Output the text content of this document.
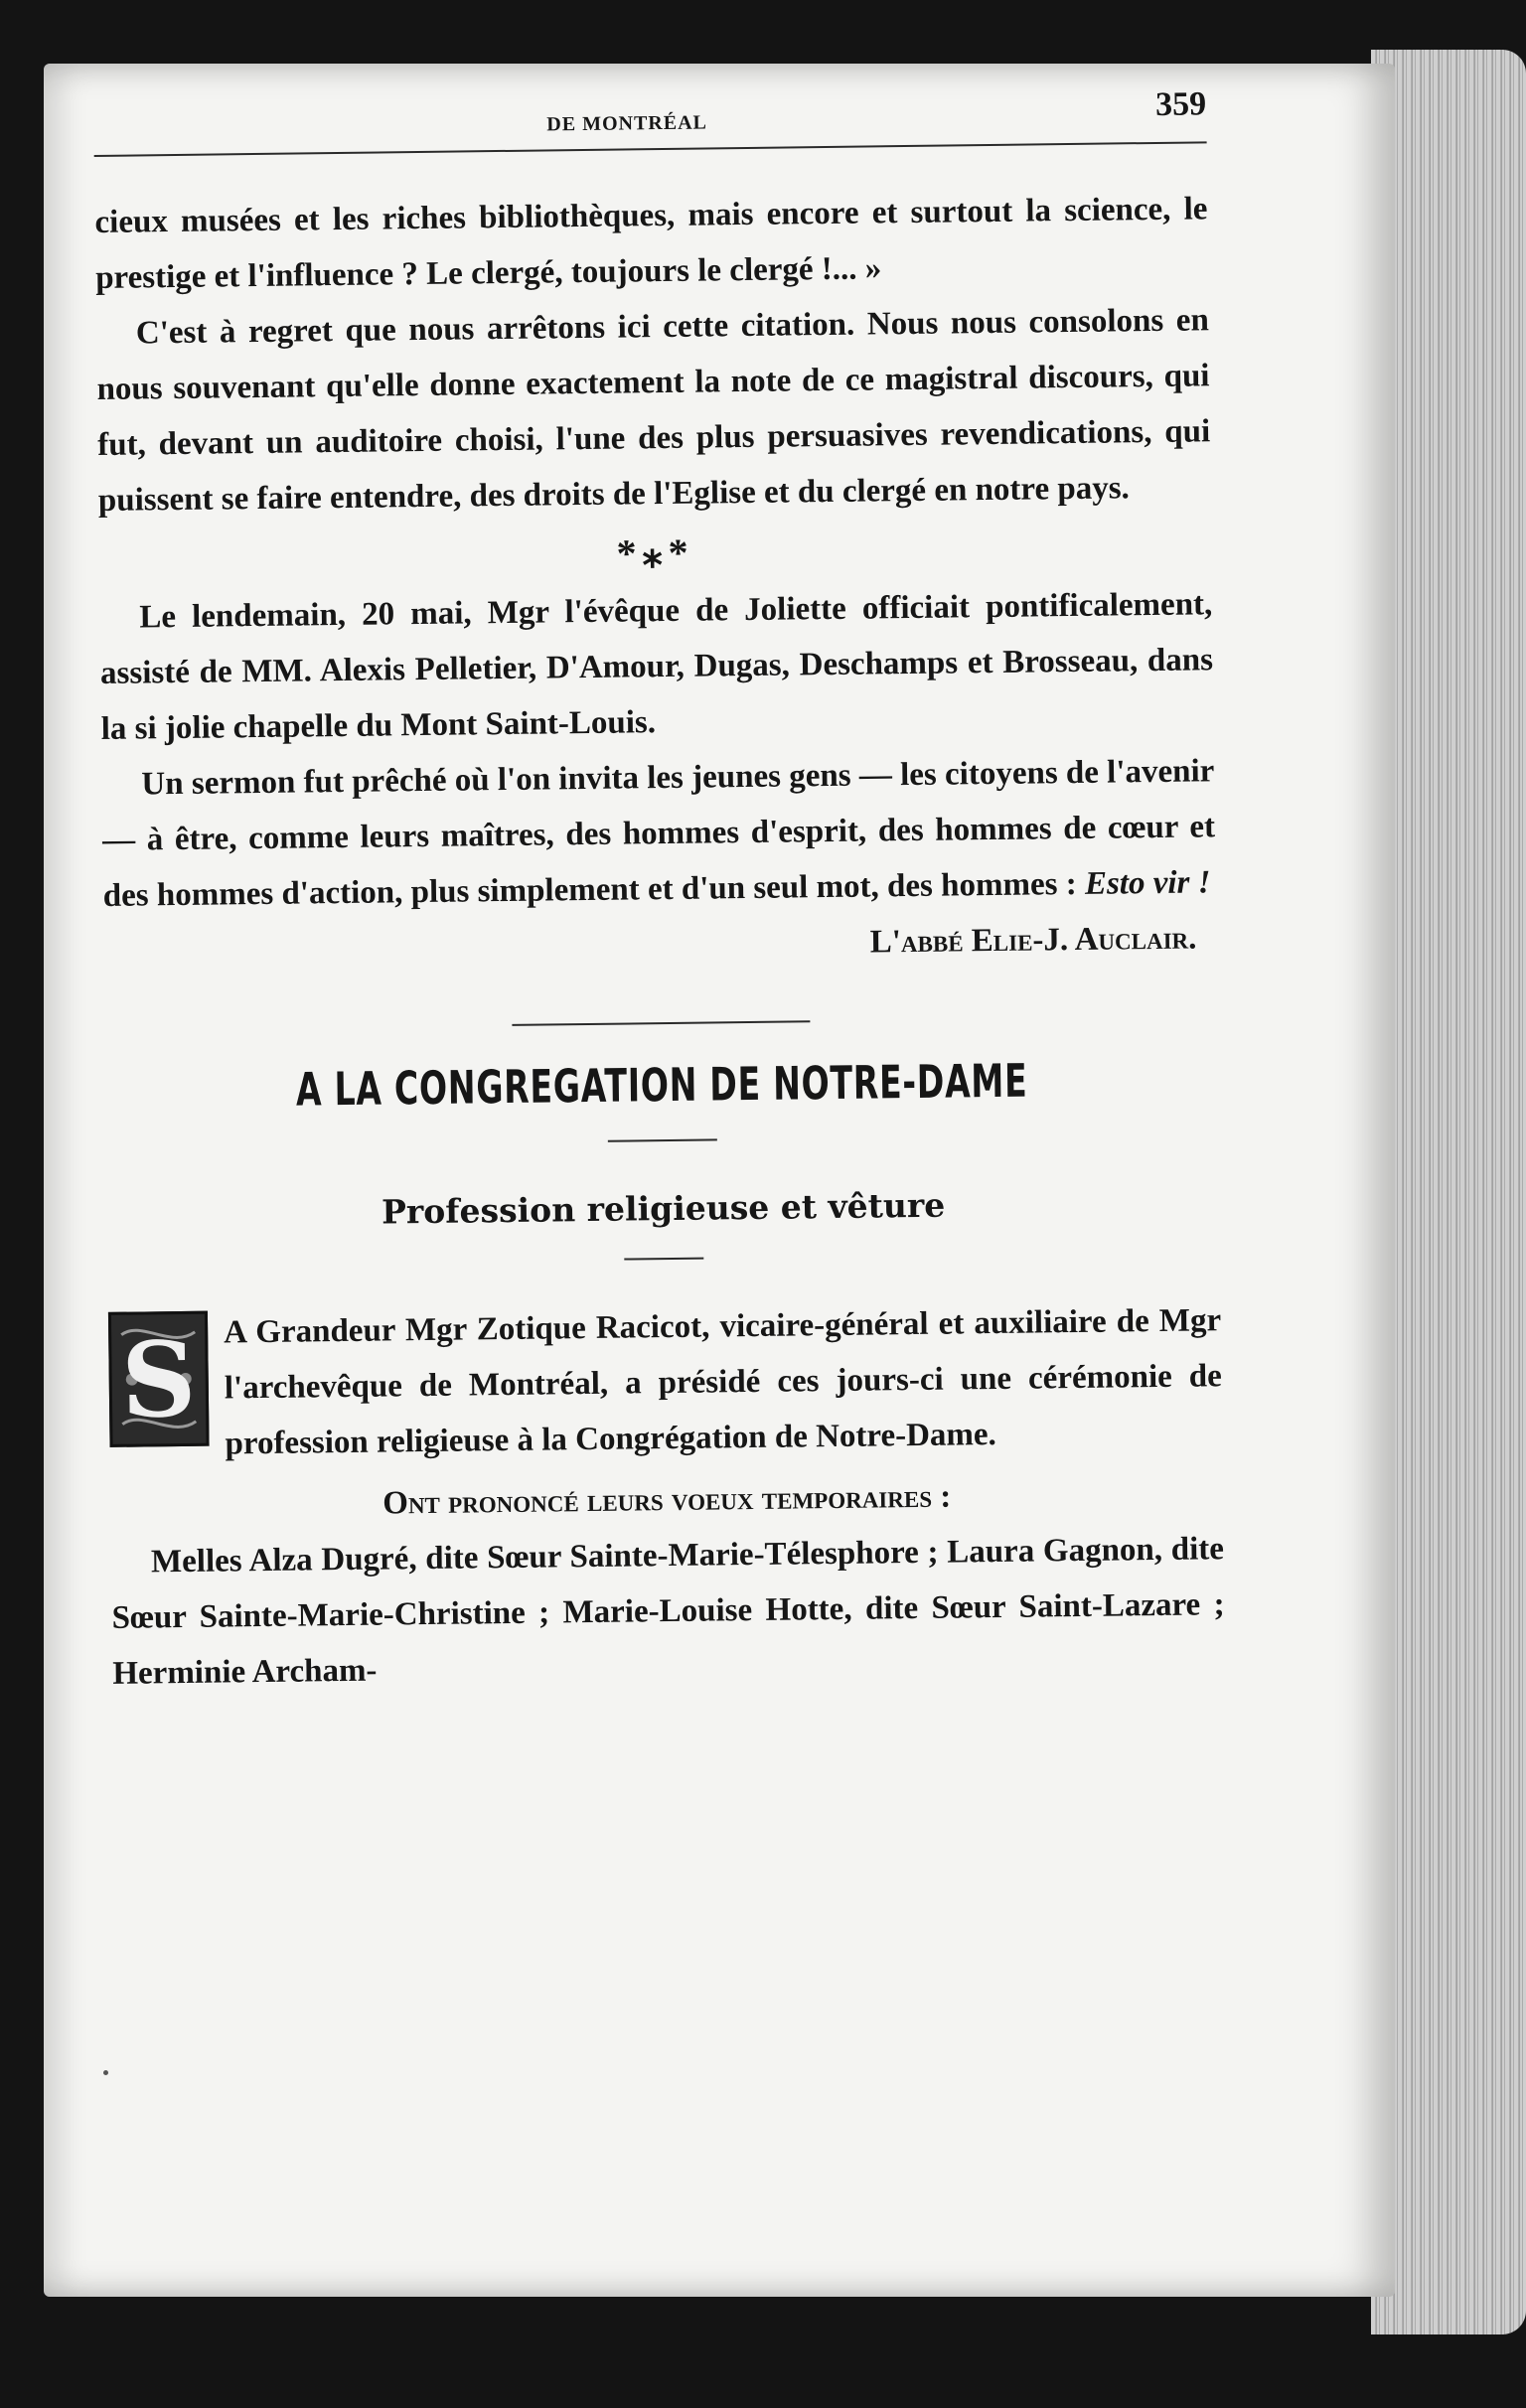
DE MONTRÉAL
359

cieux musées et les riches bibliothèques, mais encore et surtout la science, le prestige et l'influence ? Le clergé, toujours le clergé !... »

C'est à regret que nous arrêtons ici cette citation. Nous nous consolons en nous souvenant qu'elle donne exactement la note de ce magistral discours, qui fut, devant un auditoire choisi, l'une des plus persuasives revendications, qui puissent se faire entendre, des droits de l'Eglise et du clergé en notre pays.

*⁎*

Le lendemain, 20 mai, Mgr l'évêque de Joliette officiait pontificalement, assisté de MM. Alexis Pelletier, D'Amour, Dugas, Deschamps et Brosseau, dans la si jolie chapelle du Mont Saint-Louis.

Un sermon fut prêché où l'on invita les jeunes gens — les citoyens de l'avenir — à être, comme leurs maîtres, des hommes d'esprit, des hommes de cœur et des hommes d'action, plus simplement et d'un seul mot, des hommes : Esto vir !

L'abbé Elie-J. Auclair.

A LA CONGREGATION DE NOTRE-DAME
Profession religieuse et vêture

S A Grandeur Mgr Zotique Racicot, vicaire-général et auxiliaire de Mgr l'archevêque de Montréal, a présidé ces jours-ci une cérémonie de profession religieuse à la Congrégation de Notre-Dame.

Ont prononcé leurs voeux temporaires :

Melles Alza Dugré, dite Sœur Sainte-Marie-Télesphore ; Laura Gagnon, dite Sœur Sainte-Marie-Christine ; Marie-Louise Hotte, dite Sœur Saint-Lazare ; Herminie Archam-
